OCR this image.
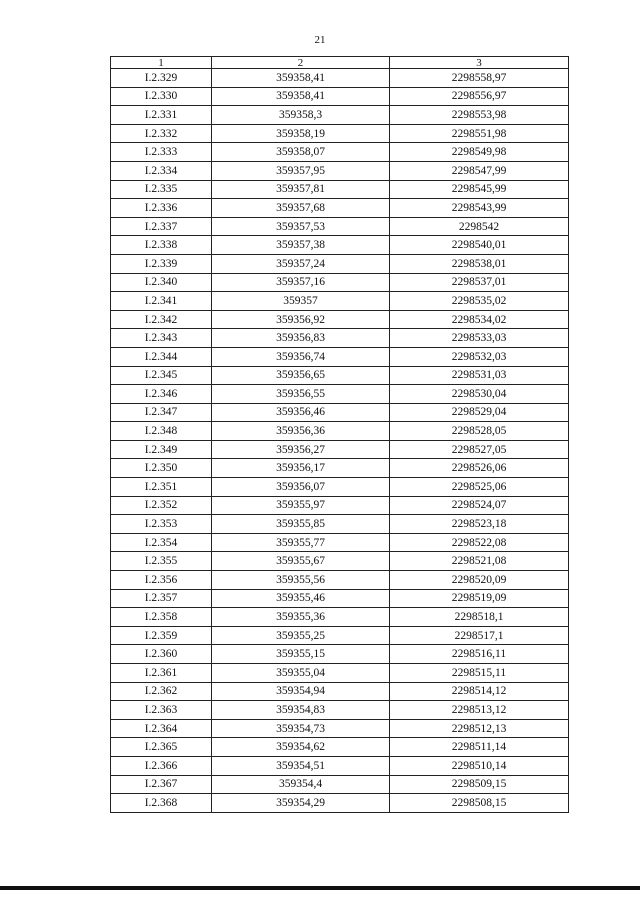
21
1	2	3
I.2.329	359358,41	2298558,97
I.2.330	359358,41	2298556,97
I.2.331	359358,3	2298553,98
I.2.332	359358,19	2298551,98
I.2.333	359358,07	2298549,98
I.2.334	359357,95	2298547,99
I.2.335	359357,81	2298545,99
I.2.336	359357,68	2298543,99
I.2.337	359357,53	2298542
I.2.338	359357,38	2298540,01
I.2.339	359357,24	2298538,01
I.2.340	359357,16	2298537,01
I.2.341	359357	2298535,02
I.2.342	359356,92	2298534,02
I.2.343	359356,83	2298533,03
I.2.344	359356,74	2298532,03
I.2.345	359356,65	2298531,03
I.2.346	359356,55	2298530,04
I.2.347	359356,46	2298529,04
I.2.348	359356,36	2298528,05
I.2.349	359356,27	2298527,05
I.2.350	359356,17	2298526,06
I.2.351	359356,07	2298525,06
I.2.352	359355,97	2298524,07
I.2.353	359355,85	2298523,18
I.2.354	359355,77	2298522,08
I.2.355	359355,67	2298521,08
I.2.356	359355,56	2298520,09
I.2.357	359355,46	2298519,09
I.2.358	359355,36	2298518,1
I.2.359	359355,25	2298517,1
I.2.360	359355,15	2298516,11
I.2.361	359355,04	2298515,11
I.2.362	359354,94	2298514,12
I.2.363	359354,83	2298513,12
I.2.364	359354,73	2298512,13
I.2.365	359354,62	2298511,14
I.2.366	359354,51	2298510,14
I.2.367	359354,4	2298509,15
I.2.368	359354,29	2298508,15
